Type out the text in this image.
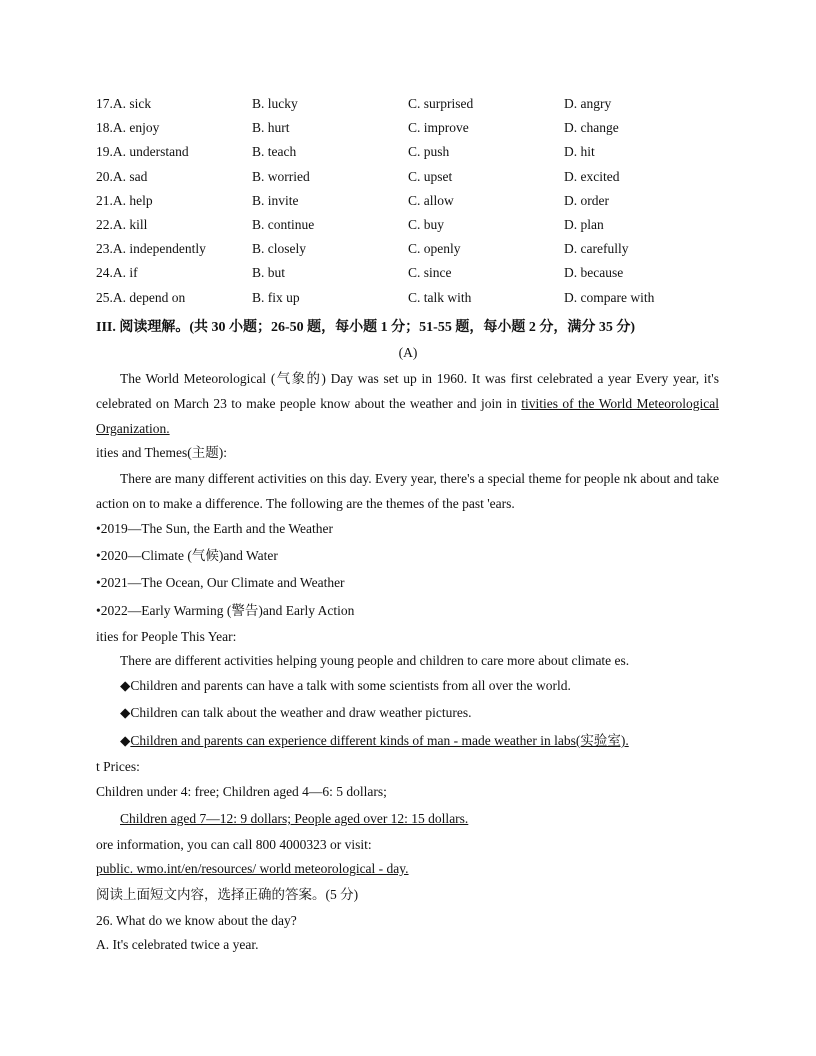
17.A. sick	B. lucky	C. surprised	D. angry
18.A. enjoy	B. hurt	C. improve	D. change
19.A. understand	B. teach	C. push	D. hit
20.A. sad	B. worried	C. upset	D. excited
21.A. help	B. invite	C. allow	D. order
22.A. kill	B. continue	C. buy	D. plan
23.A. independently	B. closely	C. openly	D. carefully
24.A. if	B. but	C. since	D. because
25.A. depend on	B. fix up	C. talk with	D. compare with
III. 阅读理解。(共 30 小题；26-50 题，每小题 1 分；51-55 题，每小题 2 分，满分 35 分)
(A)
The World Meteorological (气象的) Day was set up in 1960. It was first celebrated a year Every year, it's celebrated on March 23 to make people know about the weather and join in tivities of the World Meteorological Organization.
ities and Themes(主题):
There are many different activities on this day. Every year, there's a special theme for people nk about and take action on to make a difference. The following are the themes of the past 'ears.
•2019—The Sun, the Earth and the Weather
•2020—Climate (气候)and Water
•2021—The Ocean, Our Climate and Weather
•2022—Early Warming (警告)and Early Action
ities for People This Year:
There are different activities helping young people and children to care more about climate es.
◆Children and parents can have a talk with some scientists from all over the world.
◆Children can talk about the weather and draw weather pictures.
◆Children and parents can experience different kinds of man - made weather in labs(实验室).
t Prices:
Children under 4: free; Children aged 4—6: 5 dollars;
Children aged 7—12: 9 dollars; People aged over 12: 15 dollars.
ore information, you can call 800 4000323 or visit:
public. wmo.int/en/resources/ world meteorological - day.
阅读上面短文内容，选择正确的答案。(5 分)
26. What do we know about the day?
A. It's celebrated twice a year.
